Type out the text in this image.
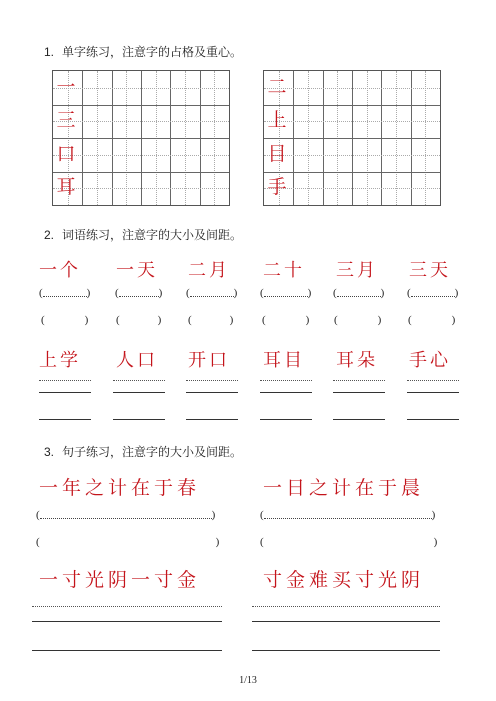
1. 单字练习，注意字的占格及重心。
一
三
口
耳
二
上
目
手
2. 词语练习，注意字的大小及间距。
一个 一天 二月 二十 三月 三天
(	) (	) (	) (	) (	) (	)
(	)	(	) (	)	(	) (	) (	)
上学 人口 开口 耳目 耳朵 手心
3. 句子练习，注意字的大小及间距。
一年之计在于春	一日之计在于晨
(	)	(	)
(	)	(	)
一寸光阴一寸金	寸金难买寸光阴
1/13
